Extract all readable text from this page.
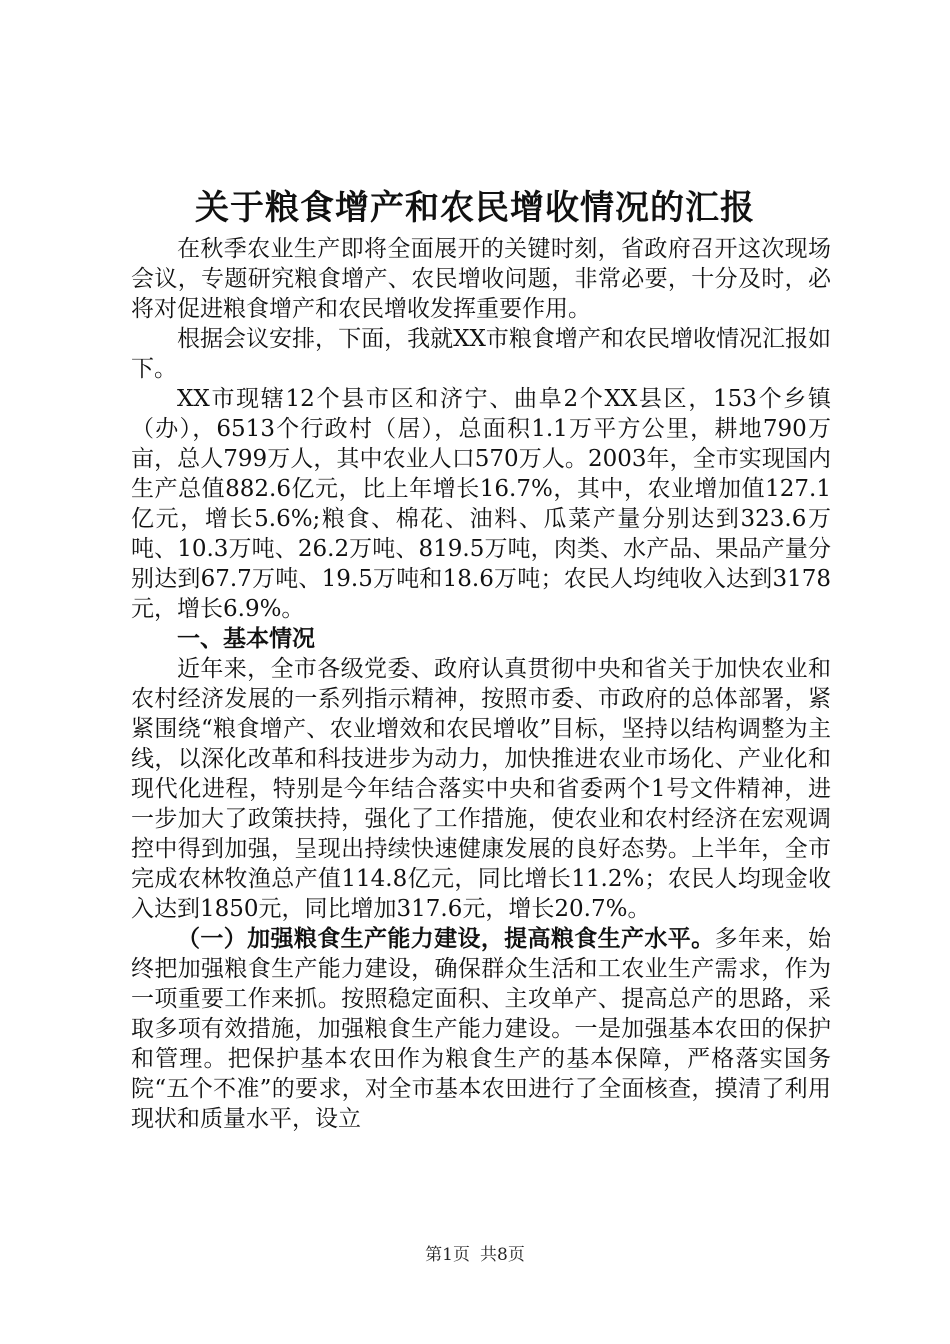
关于粮食增产和农民增收情况的汇报

在秋季农业生产即将全面展开的关键时刻，省政府召开这次现场会议，专题研究粮食增产、农民增收问题，非常必要，十分及时，必将对促进粮食增产和农民增收发挥重要作用。

根据会议安排，下面，我就XX市粮食增产和农民增收情况汇报如下。

XX市现辖12个县市区和济宁、曲阜2个XX县区，153个乡镇（办），6513个行政村（居），总面积1.1万平方公里，耕地790万亩，总人799万人，其中农业人口570万人。2003年，全市实现国内生产总值882.6亿元，比上年增长16.7%，其中，农业增加值127.1亿元，增长5.6%;粮食、棉花、油料、瓜菜产量分别达到323.6万吨、10.3万吨、26.2万吨、819.5万吨，肉类、水产品、果品产量分别达到67.7万吨、19.5万吨和18.6万吨；农民人均纯收入达到3178元，增长6.9%。

一、基本情况

近年来，全市各级党委、政府认真贯彻中央和省关于加快农业和农村经济发展的一系列指示精神，按照市委、市政府的总体部署，紧紧围绕“粮食增产、农业增效和农民增收”目标，坚持以结构调整为主线，以深化改革和科技进步为动力，加快推进农业市场化、产业化和现代化进程，特别是今年结合落实中央和省委两个1号文件精神，进一步加大了政策扶持，强化了工作措施，使农业和农村经济在宏观调控中得到加强，呈现出持续快速健康发展的良好态势。上半年，全市完成农林牧渔总产值114.8亿元，同比增长11.2%；农民人均现金收入达到1850元，同比增加317.6元，增长20.7%。

（一）加强粮食生产能力建设，提高粮食生产水平。多年来，始终把加强粮食生产能力建设，确保群众生活和工农业生产需求，作为一项重要工作来抓。按照稳定面积、主攻单产、提高总产的思路，采取多项有效措施，加强粮食生产能力建设。一是加强基本农田的保护和管理。把保护基本农田作为粮食生产的基本保障，严格落实国务院“五个不准”的要求，对全市基本农田进行了全面核查，摸清了利用现状和质量水平，设立

第1页 共8页
